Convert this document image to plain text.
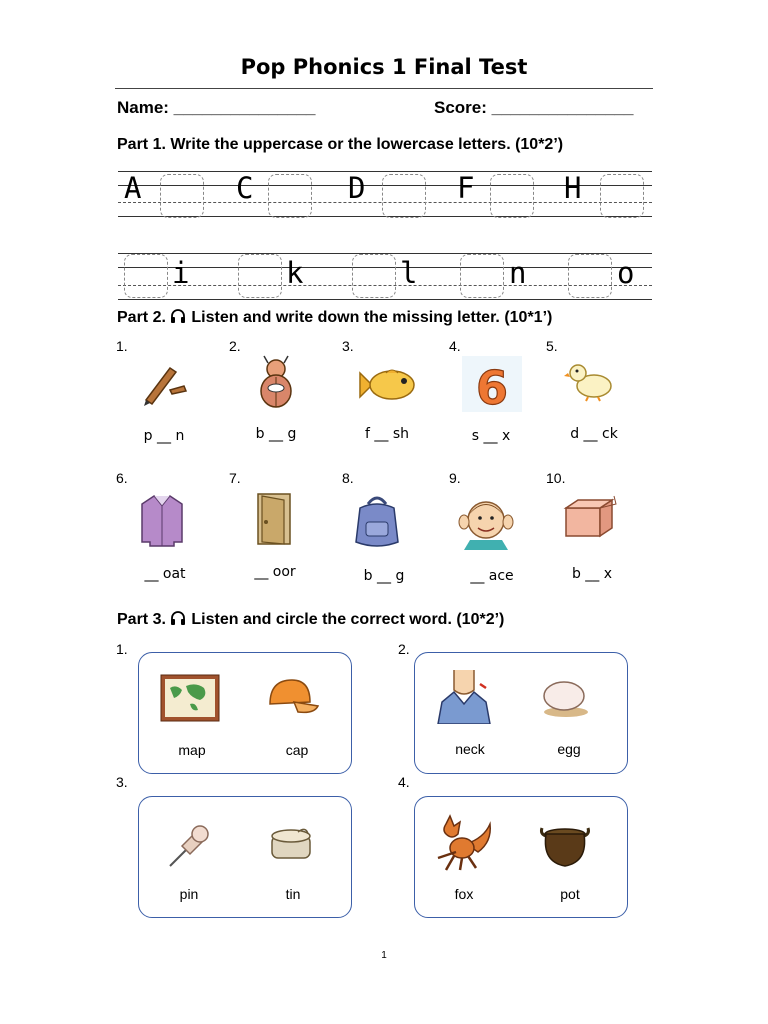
Pop Phonics 1 Final Test
Name: _______________	Score: _______________
Part 1. Write the uppercase or the lowercase letters. (10*2’)
A	C	D	F	H
i	k	l	n	o
Part 2. Listen and write down the missing letter. (10*1’)
1.	2.	3.	4.	5.
6
p __ n	b __ g	f __ sh	s __ x	d __ ck
6.	7.	8.	9.	10.
__ oat	__ oor	b __ g	__ ace	b __ x
Part 3. Listen and circle the correct word. (10*2’)
1.	2.
3.	4.
map	cap	neck	egg
pin	tin	fox	pot
1
